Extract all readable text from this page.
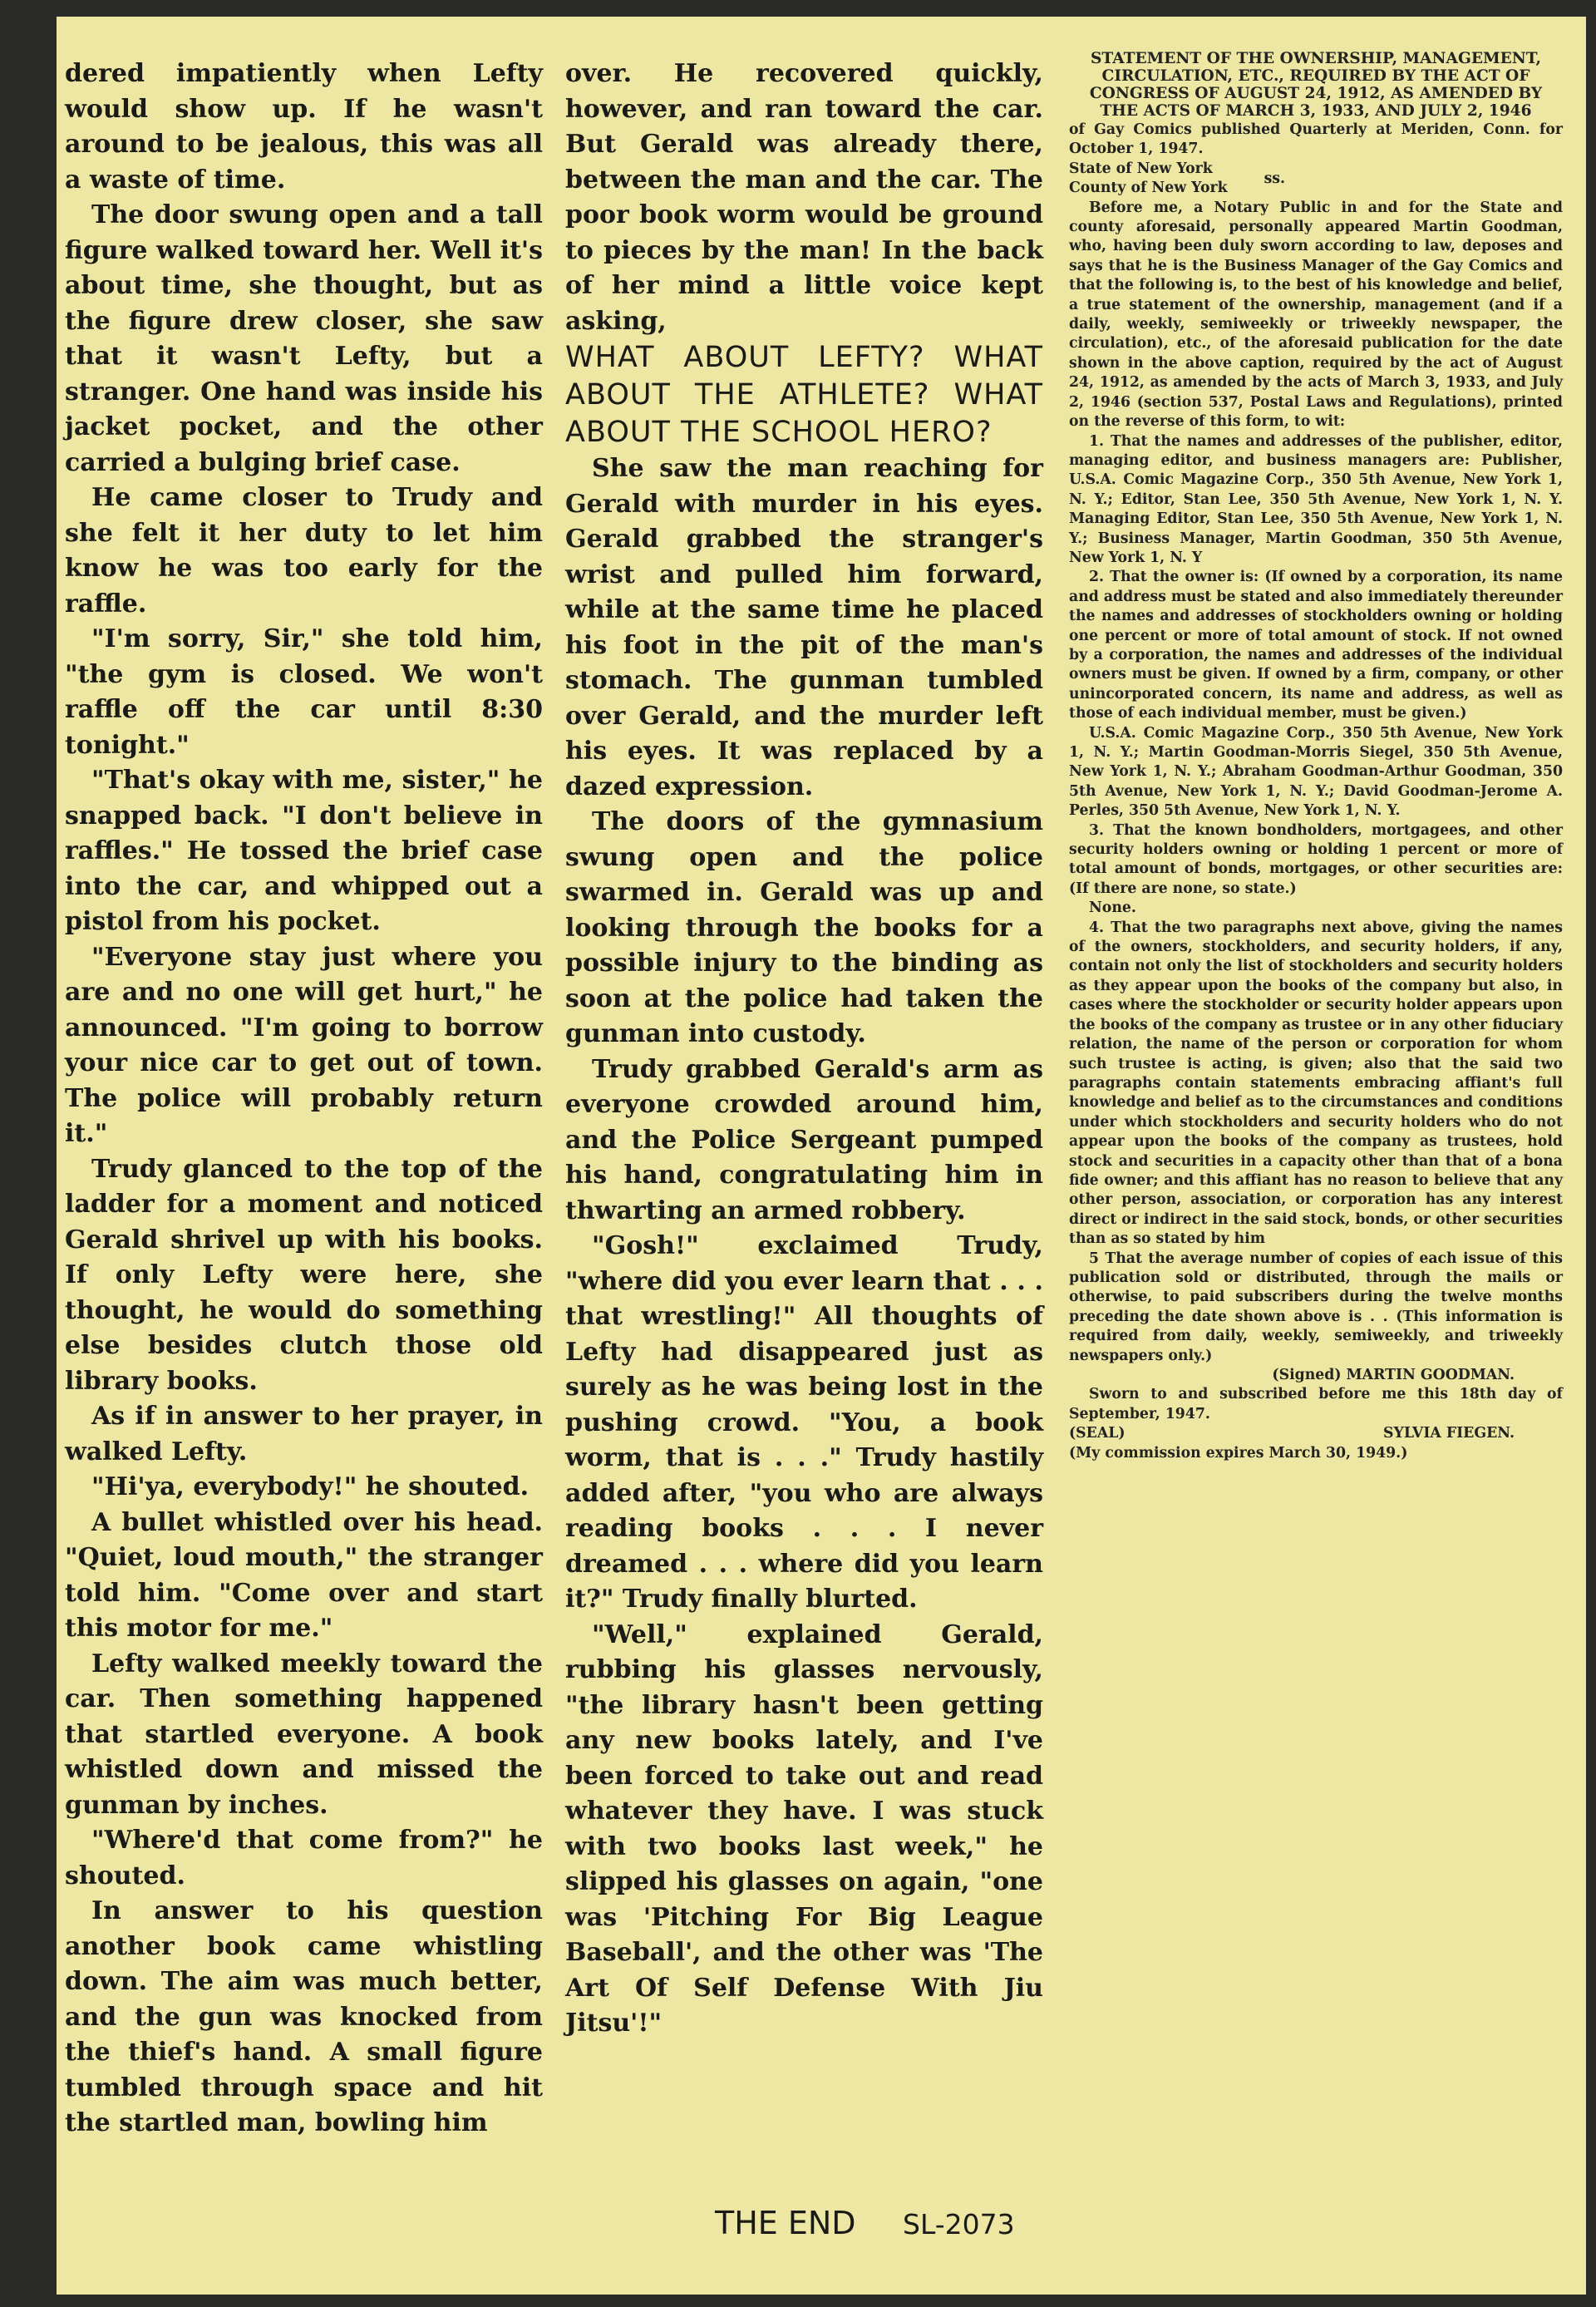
dered impatiently when Lefty would show up. If he wasn't around to be jealous, this was all a waste of time.

The door swung open and a tall figure walked toward her. Well it's about time, she thought, but as the figure drew closer, she saw that it wasn't Lefty, but a stranger. One hand was inside his jacket pocket, and the other carried a bulging brief case.

He came closer to Trudy and she felt it her duty to let him know he was too early for the raffle.

"I'm sorry, Sir," she told him, "the gym is closed. We won't raffle off the car until 8:30 tonight."

"That's okay with me, sister," he snapped back. "I don't believe in raffles." He tossed the brief case into the car, and whipped out a pistol from his pocket.

"Everyone stay just where you are and no one will get hurt," he announced. "I'm going to borrow your nice car to get out of town. The police will probably return it."

Trudy glanced to the top of the ladder for a moment and noticed Gerald shrivel up with his books. If only Lefty were here, she thought, he would do something else besides clutch those old library books.

As if in answer to her prayer, in walked Lefty.

"Hi'ya, everybody!" he shouted.

A bullet whistled over his head. "Quiet, loud mouth," the stranger told him. "Come over and start this motor for me."

Lefty walked meekly toward the car. Then something happened that startled everyone. A book whistled down and missed the gunman by inches.

"Where'd that come from?" he shouted.

In answer to his question another book came whistling down. The aim was much better, and the gun was knocked from the thief's hand. A small figure tumbled through space and hit the startled man, bowling him

over. He recovered quickly, however, and ran toward the car. But Gerald was already there, between the man and the car. The poor book worm would be ground to pieces by the man! In the back of her mind a little voice kept asking,

WHAT ABOUT LEFTY? WHAT ABOUT THE ATHLETE? WHAT ABOUT THE SCHOOL HERO?

She saw the man reaching for Gerald with murder in his eyes. Gerald grabbed the stranger's wrist and pulled him forward, while at the same time he placed his foot in the pit of the man's stomach. The gunman tumbled over Gerald, and the murder left his eyes. It was replaced by a dazed expression.

The doors of the gymnasium swung open and the police swarmed in. Gerald was up and looking through the books for a possible injury to the binding as soon at the police had taken the gunman into custody.

Trudy grabbed Gerald's arm as everyone crowded around him, and the Police Sergeant pumped his hand, congratulating him in thwarting an armed robbery.

"Gosh!" exclaimed Trudy, "where did you ever learn that . . . that wrestling!" All thoughts of Lefty had disappeared just as surely as he was being lost in the pushing crowd. "You, a book worm, that is . . ." Trudy hastily added after, "you who are always reading books . . . I never dreamed . . . where did you learn it?" Trudy finally blurted.

"Well," explained Gerald, rubbing his glasses nervously, "the library hasn't been getting any new books lately, and I've been forced to take out and read whatever they have. I was stuck with two books last week," he slipped his glasses on again, "one was 'Pitching For Big League Baseball', and the other was 'The Art Of Self Defense With Jiu Jitsu'!"

THE END SL-2073
STATEMENT OF THE OWNERSHIP, MANAGEMENT, CIRCULATION, ETC., REQUIRED BY THE ACT OF CONGRESS OF AUGUST 24, 1912, AS AMENDED BY THE ACTS OF MARCH 3, 1933, AND JULY 2, 1946

of Gay Comics published Quarterly at Meriden, Conn. for October 1, 1947.

State of New York
County of New York
ss.

Before me, a Notary Public in and for the State and county aforesaid, personally appeared Martin Goodman, who, having been duly sworn according to law, deposes and says that he is the Business Manager of the Gay Comics and that the following is, to the best of his knowledge and belief, a true statement of the ownership, management (and if a daily, weekly, semiweekly or triweekly newspaper, the circulation), etc., of the aforesaid publication for the date shown in the above caption, required by the act of August 24, 1912, as amended by the acts of March 3, 1933, and July 2, 1946 (section 537, Postal Laws and Regulations), printed on the reverse of this form, to wit:

1. That the names and addresses of the publisher, editor, managing editor, and business managers are: Publisher, U.S.A. Comic Magazine Corp., 350 5th Avenue, New York 1, N. Y.; Editor, Stan Lee, 350 5th Avenue, New York 1, N. Y. Managing Editor, Stan Lee, 350 5th Avenue, New York 1, N. Y.; Business Manager, Martin Goodman, 350 5th Avenue, New York 1, N. Y

2. That the owner is: (If owned by a corporation, its name and address must be stated and also immediately thereunder the names and addresses of stockholders owning or holding one percent or more of total amount of stock. If not owned by a corporation, the names and addresses of the individual owners must be given. If owned by a firm, company, or other unincorporated concern, its name and address, as well as those of each individual member, must be given.)

U.S.A. Comic Magazine Corp., 350 5th Avenue, New York 1, N. Y.; Martin Goodman-Morris Siegel, 350 5th Avenue, New York 1, N. Y.; Abraham Goodman-Arthur Goodman, 350 5th Avenue, New York 1, N. Y.; David Goodman-Jerome A. Perles, 350 5th Avenue, New York 1, N. Y.

3. That the known bondholders, mortgagees, and other security holders owning or holding 1 percent or more of total amount of bonds, mortgages, or other securities are: (If there are none, so state.)

None.

4. That the two paragraphs next above, giving the names of the owners, stockholders, and security holders, if any, contain not only the list of stockholders and security holders as they appear upon the books of the company but also, in cases where the stockholder or security holder appears upon the books of the company as trustee or in any other fiduciary relation, the name of the person or corporation for whom such trustee is acting, is given; also that the said two paragraphs contain statements embracing affiant's full knowledge and belief as to the circumstances and conditions under which stockholders and security holders who do not appear upon the books of the company as trustees, hold stock and securities in a capacity other than that of a bona fide owner; and this affiant has no reason to believe that any other person, association, or corporation has any interest direct or indirect in the said stock, bonds, or other securities than as so stated by him

5 That the average number of copies of each issue of this publication sold or distributed, through the mails or otherwise, to paid subscribers during the twelve months preceding the date shown above is . . (This information is required from daily, weekly, semiweekly, and triweekly newspapers only.)

(Signed) MARTIN GOODMAN.

Sworn to and subscribed before me this 18th day of September, 1947.

(SEAL)	SYLVIA FIEGEN.

(My commission expires March 30, 1949.)
